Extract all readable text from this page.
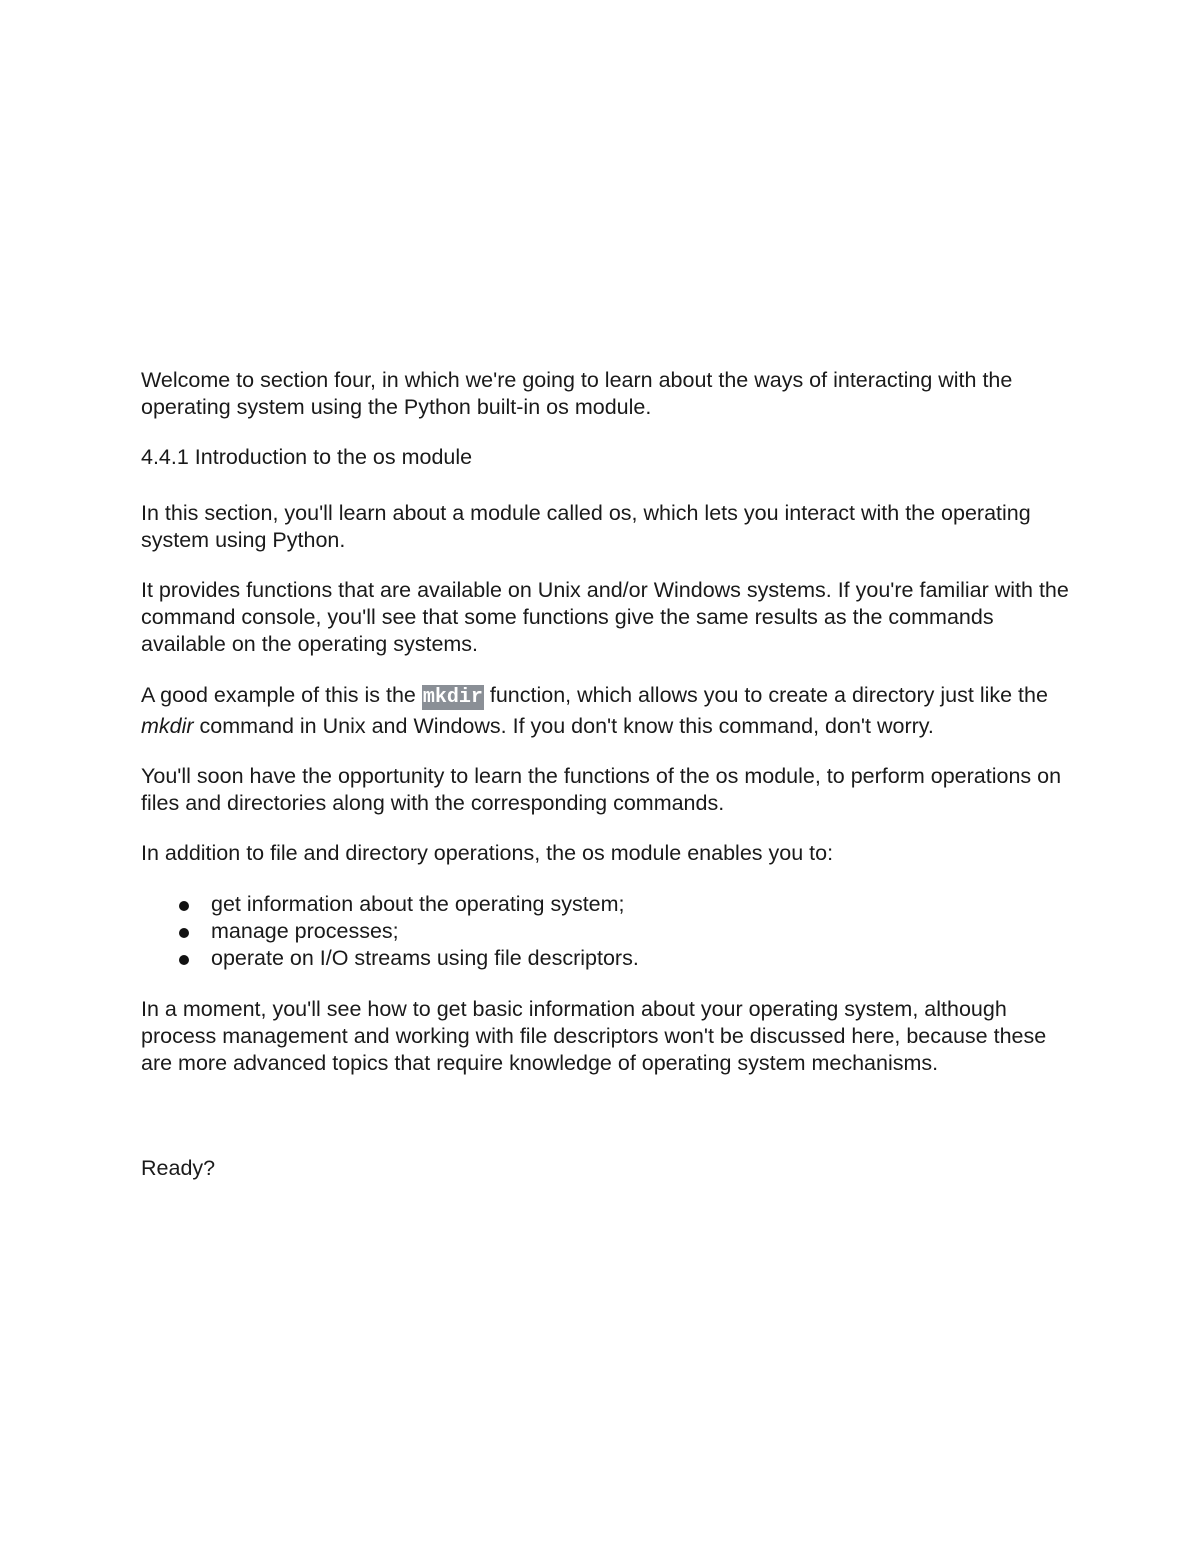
Welcome to section four, in which we're going to learn about the ways of interacting with the operating system using the Python built-in os module.

4.4.1 Introduction to the os module

In this section, you'll learn about a module called os, which lets you interact with the operating system using Python.

It provides functions that are available on Unix and/or Windows systems. If you're familiar with the command console, you'll see that some functions give the same results as the commands available on the operating systems.

A good example of this is the mkdir function, which allows you to create a directory just like the mkdir command in Unix and Windows. If you don't know this command, don't worry.

You'll soon have the opportunity to learn the functions of the os module, to perform operations on files and directories along with the corresponding commands.

In addition to file and directory operations, the os module enables you to:

get information about the operating system;
manage processes;
operate on I/O streams using file descriptors.

In a moment, you'll see how to get basic information about your operating system, although process management and working with file descriptors won't be discussed here, because these are more advanced topics that require knowledge of operating system mechanisms.

Ready?
